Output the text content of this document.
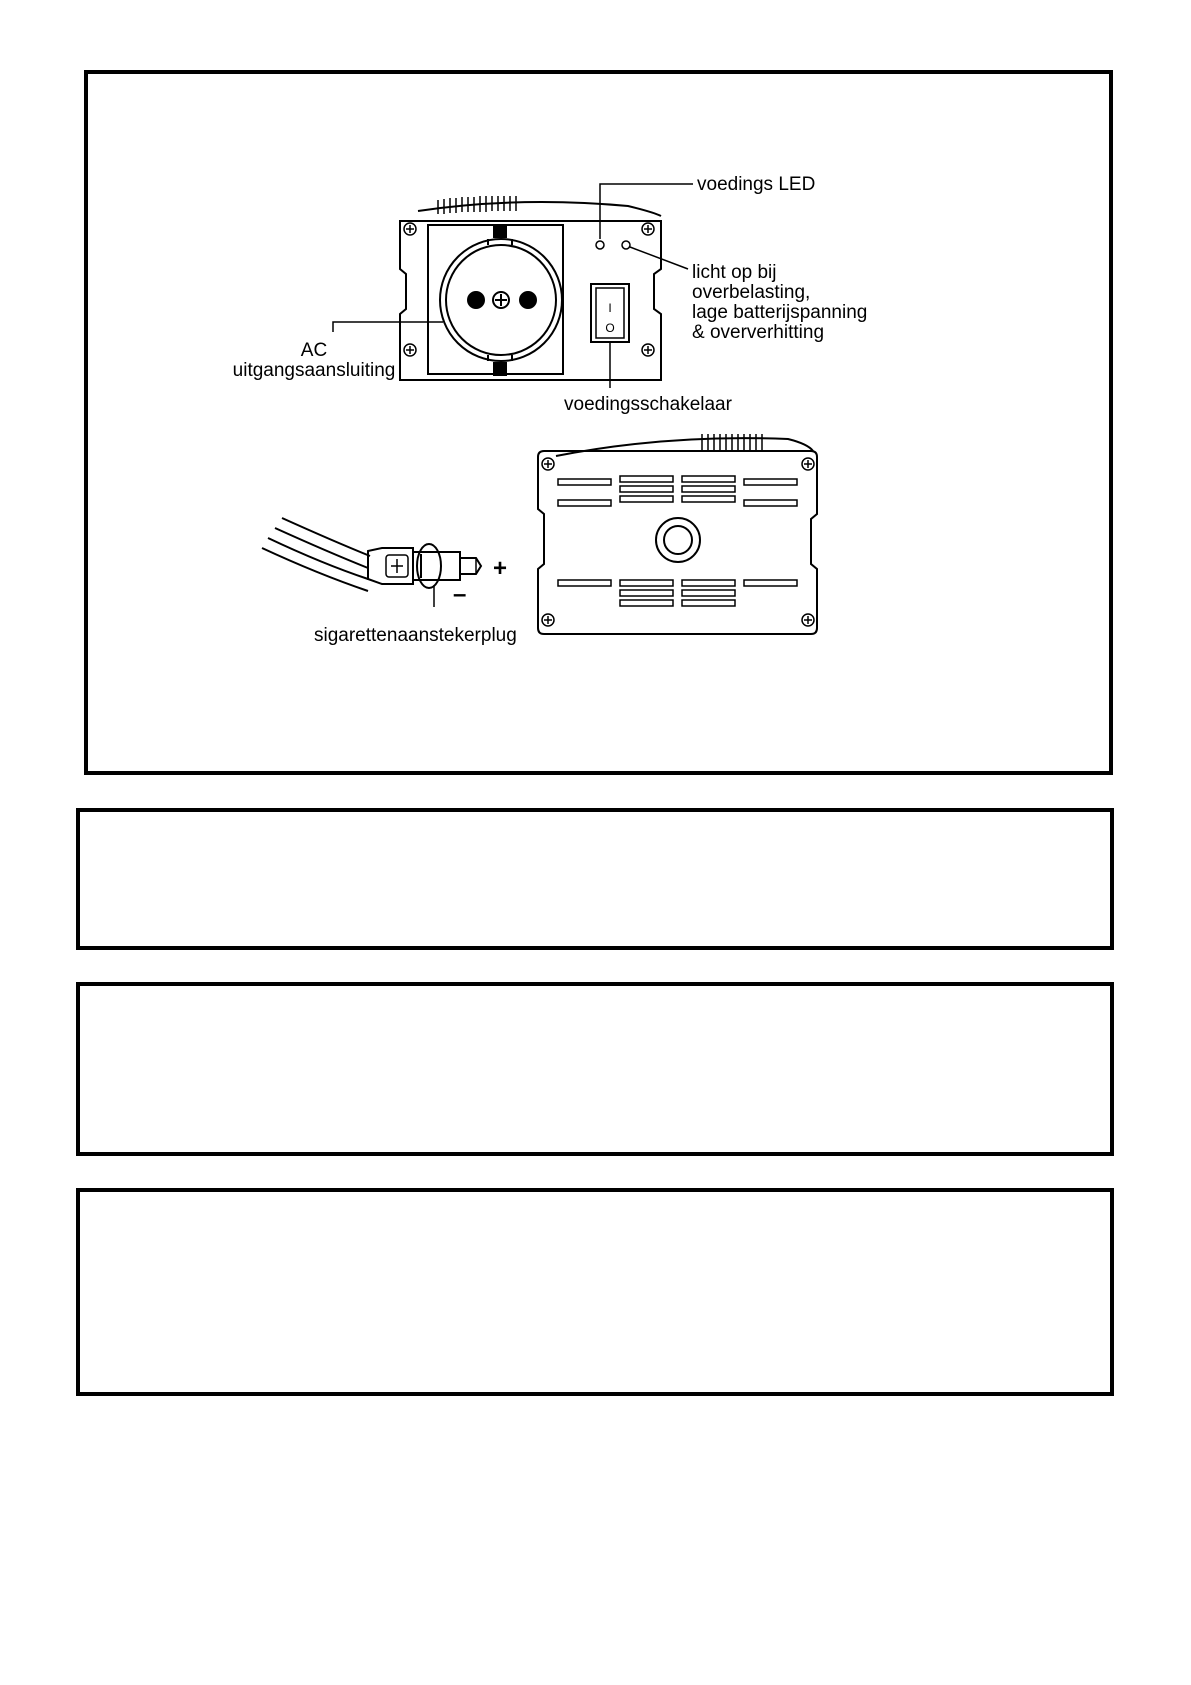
I
O
voedings LED
licht op bij
overbelasting,
lage batterijspanning
& oververhitting
AC
uitgangsaansluiting
voedingsschakelaar
+
–
sigarettenaanstekerplug
